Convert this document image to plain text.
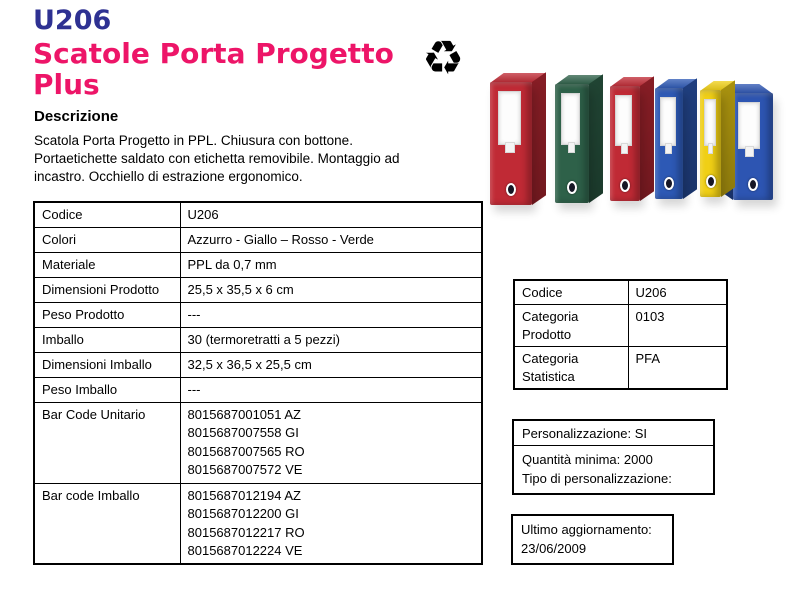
U206
Scatole Porta Progetto
Plus	♻
Descrizione
Scatola Porta Progetto in PPL. Chiusura con bottone.
Portaetichette saldato con etichetta removibile. Montaggio ad
incastro. Occhiello di estrazione ergonomico.
Codice	U206
Colori	Azzurro - Giallo – Rosso - Verde
Materiale	PPL da 0,7 mm
Dimensioni Prodotto	25,5 x 35,5 x 6 cm
Peso Prodotto	---
Imballo	30 (termoretratti a 5 pezzi)
Dimensioni Imballo	32,5 x 36,5 x 25,5 cm
Peso Imballo	---
Bar Code Unitario	8015687001051 AZ
8015687007558 GI
8015687007565 RO
8015687007572 VE

Bar code Imballo	8015687012194 AZ
8015687012200 GI
8015687012217 RO
8015687012224 VE
Codice	U206
Categoria Prodotto	0103
Categoria Statistica	PFA
Personalizzazione: SI
Quantità minima: 2000
Tipo di personalizzazione:
Ultimo aggiornamento:
23/06/2009
